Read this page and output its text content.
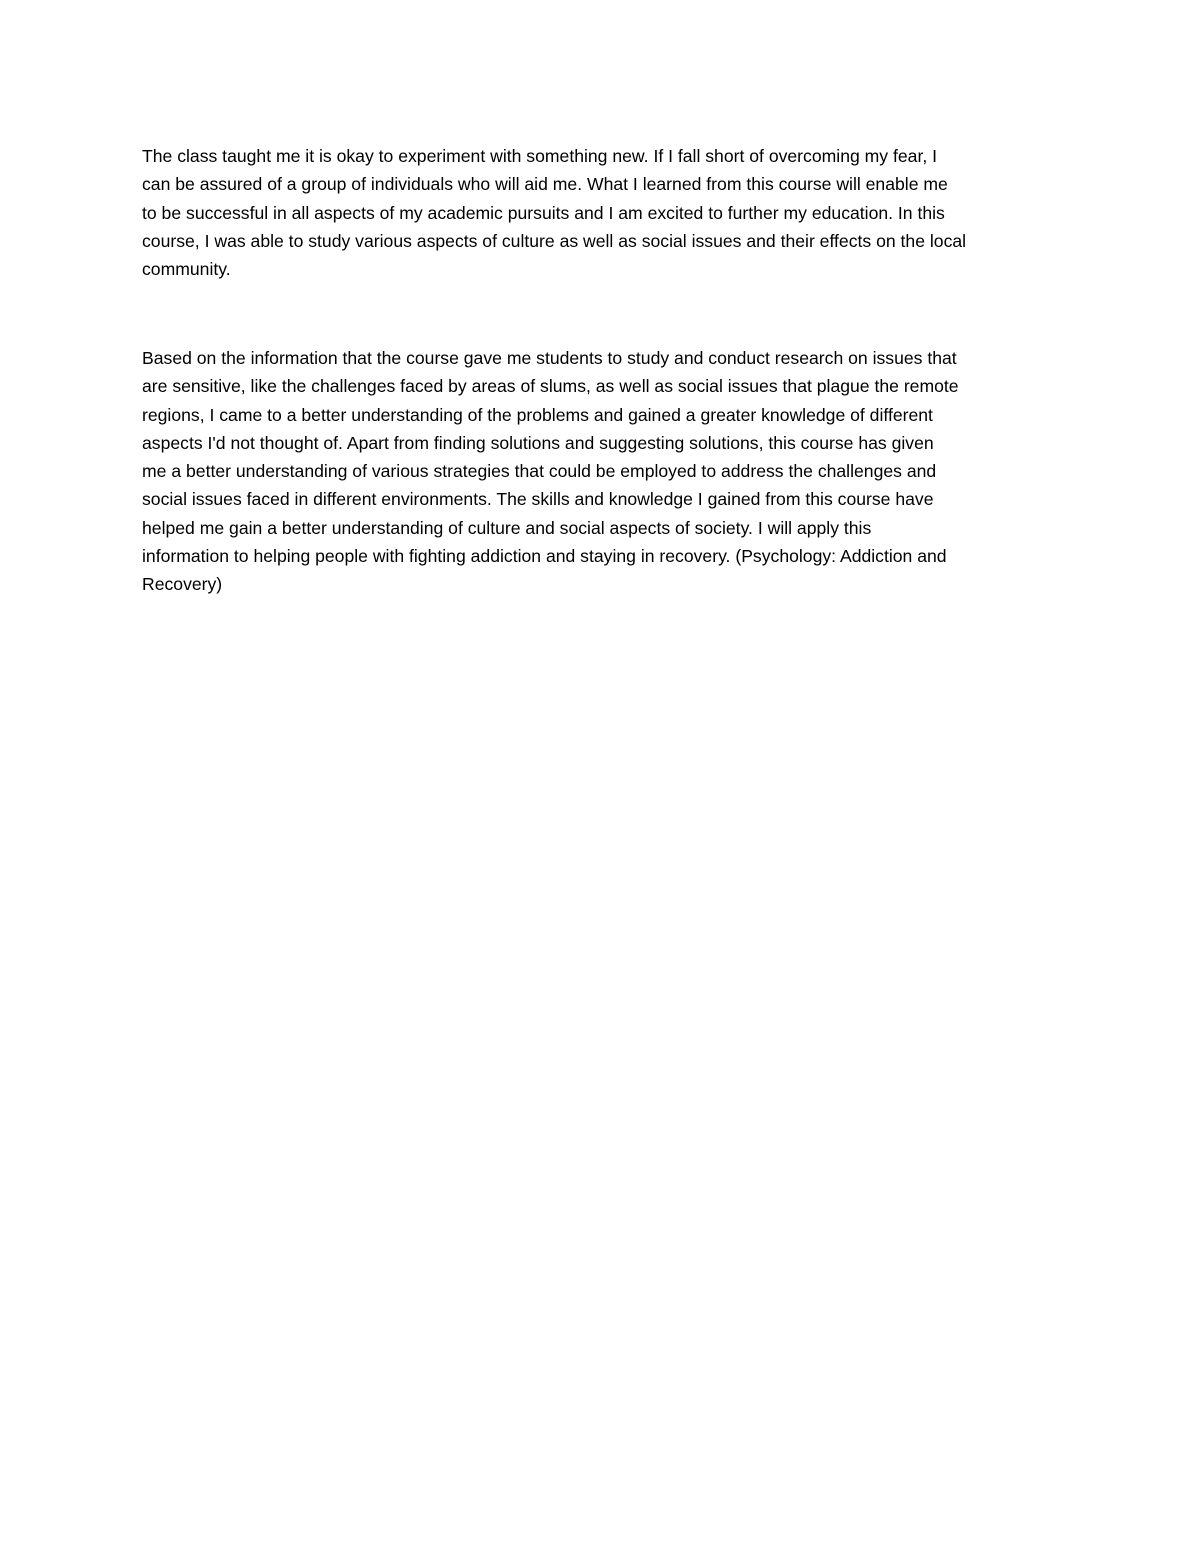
The class taught me it is okay to experiment with something new. If I fall short of overcoming my fear, I
can be assured of a group of individuals who will aid me. What I learned from this course will enable me
to be successful in all aspects of my academic pursuits and I am excited to further my education. In this
course, I was able to study various aspects of culture as well as social issues and their effects on the local
community.

Based on the information that the course gave me students to study and conduct research on issues that
are sensitive, like the challenges faced by areas of slums, as well as social issues that plague the remote
regions, I came to a better understanding of the problems and gained a greater knowledge of different
aspects I'd not thought of. Apart from finding solutions and suggesting solutions, this course has given
me a better understanding of various strategies that could be employed to address the challenges and
social issues faced in different environments. The skills and knowledge I gained from this course have
helped me gain a better understanding of culture and social aspects of society. I will apply this
information to helping people with fighting addiction and staying in recovery. (Psychology: Addiction and
Recovery)
